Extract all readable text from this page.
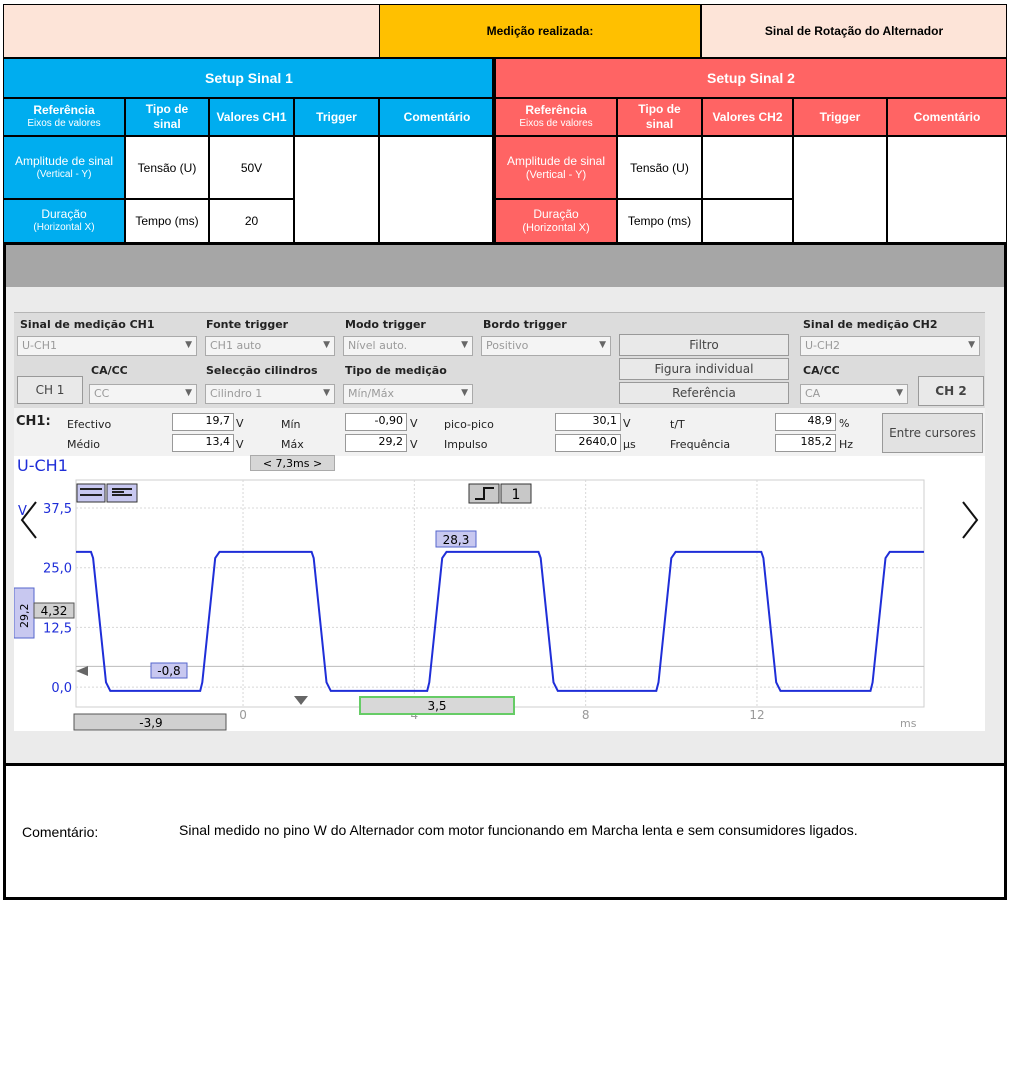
Medição realizada:	Sinal de Rotação do Alternador
Setup Sinal 1
Referência
Eixos de valores
Tipo de sinal	Valores CH1	Trigger	Comentário
Amplitude de sinal
(Vertical - Y)	Tensão (U)	50V
Duração
(Horizontal X)	Tempo (ms)	20
Setup Sinal 2
Referência
Eixos de valores
Tipo de sinal	Valores CH2	Trigger	Comentário
Amplitude de sinal
(Vertical - Y)	Tensão (U)
Duração
(Horizontal X)	Tempo (ms)
Sinal de medição CH1
U-CH1	▼
Fonte trigger
CH1 auto	▼
Modo trigger
Nível auto.	▼
Bordo trigger
Positivo	▼	Filtro
Figura individual
Referência
Sinal de medição CH2
U-CH2	▼
CA/CC
CH 1	CC	▼
Selecção cilindros
Cilindro 1	▼
Tipo de medição
Mín/Máx	▼
CA/CC
CA	▼	CH 2
CH1: Efectivo	19,7 V
Médio	13,4 V
Mín	-0,90 V
Máx	29,2 V
pico-pico	30,1 V
Impulso	2640,0 µs
t/T	48,9 %
Frequência	185,2 Hz
Entre cursores
U-CH1	< 7,3ms >
0,0
12,5
25,0
37,5
0	8	12
1
V
28,3
-0,8
29,2 4,32
-3,9
3,5
ms
Comentário:	Sinal medido no pino W do Alternador com motor funcionando em Marcha lenta e sem consumidores ligados.
